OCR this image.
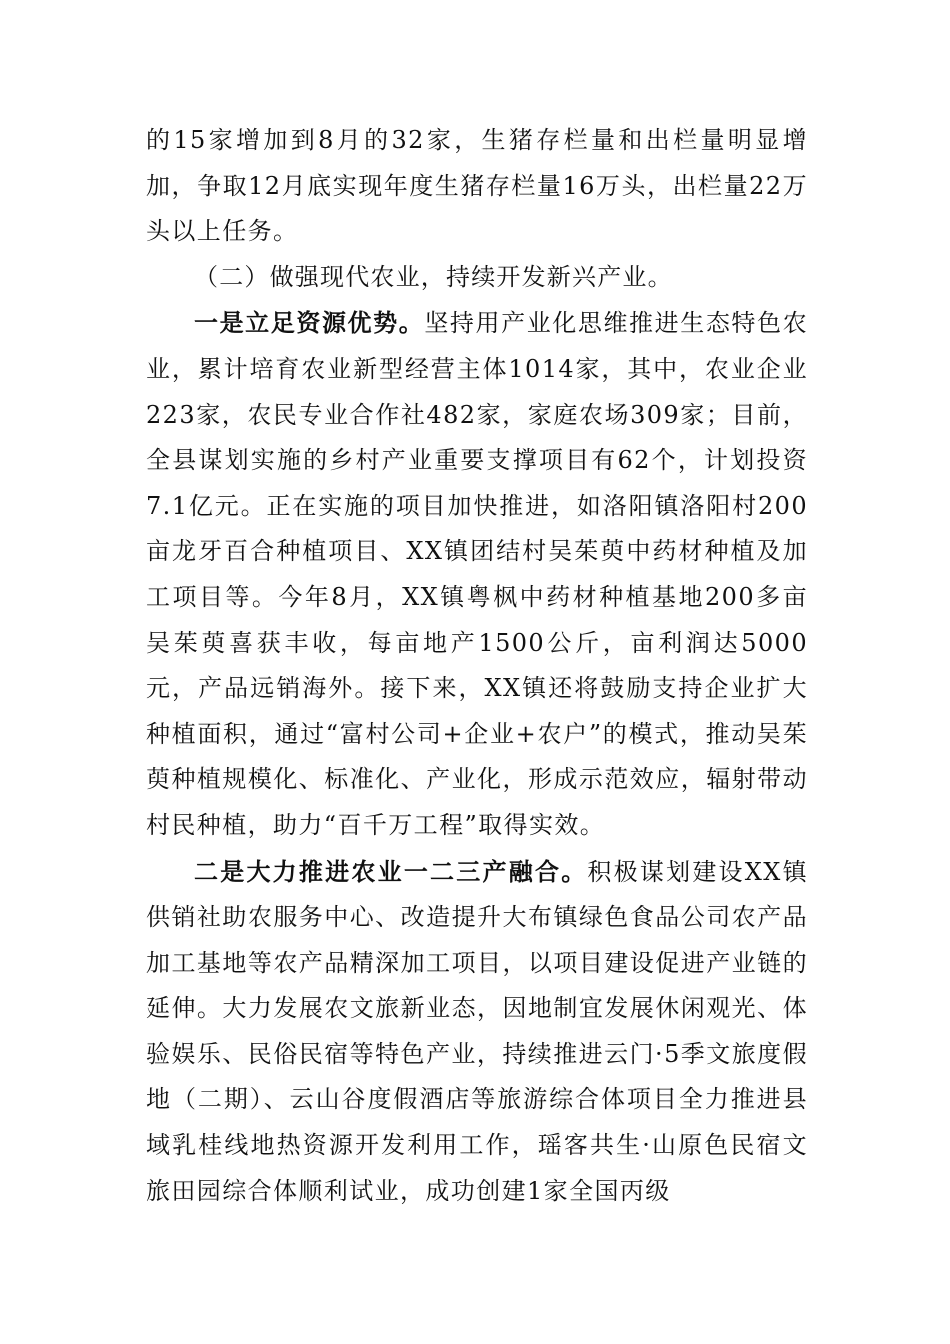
的15家增加到8月的32家，生猪存栏量和出栏量明显增加，争取12月底实现年度生猪存栏量16万头，出栏量22万头以上任务。

（二）做强现代农业，持续开发新兴产业。

一是立足资源优势。坚持用产业化思维推进生态特色农业，累计培育农业新型经营主体1014家，其中，农业企业223家，农民专业合作社482家，家庭农场309家；目前，全县谋划实施的乡村产业重要支撑项目有62个，计划投资7.1亿元。正在实施的项目加快推进，如洛阳镇洛阳村200亩龙牙百合种植项目、XX镇团结村吴茱萸中药材种植及加工项目等。今年8月，XX镇粤枫中药材种植基地200多亩吴茱萸喜获丰收，每亩地产1500公斤，亩利润达5000元，产品远销海外。接下来，XX镇还将鼓励支持企业扩大种植面积，通过“富村公司+企业+农户”的模式，推动吴茱萸种植规模化、标准化、产业化，形成示范效应，辐射带动村民种植，助力“百千万工程”取得实效。

二是大力推进农业一二三产融合。积极谋划建设XX镇供销社助农服务中心、改造提升大布镇绿色食品公司农产品加工基地等农产品精深加工项目，以项目建设促进产业链的延伸。大力发展农文旅新业态，因地制宜发展休闲观光、体验娱乐、民俗民宿等特色产业，持续推进云门·5季文旅度假地（二期）、云山谷度假酒店等旅游综合体项目全力推进县域乳桂线地热资源开发利用工作，瑶客共生·山原色民宿文旅田园综合体顺利试业，成功创建1家全国丙级
